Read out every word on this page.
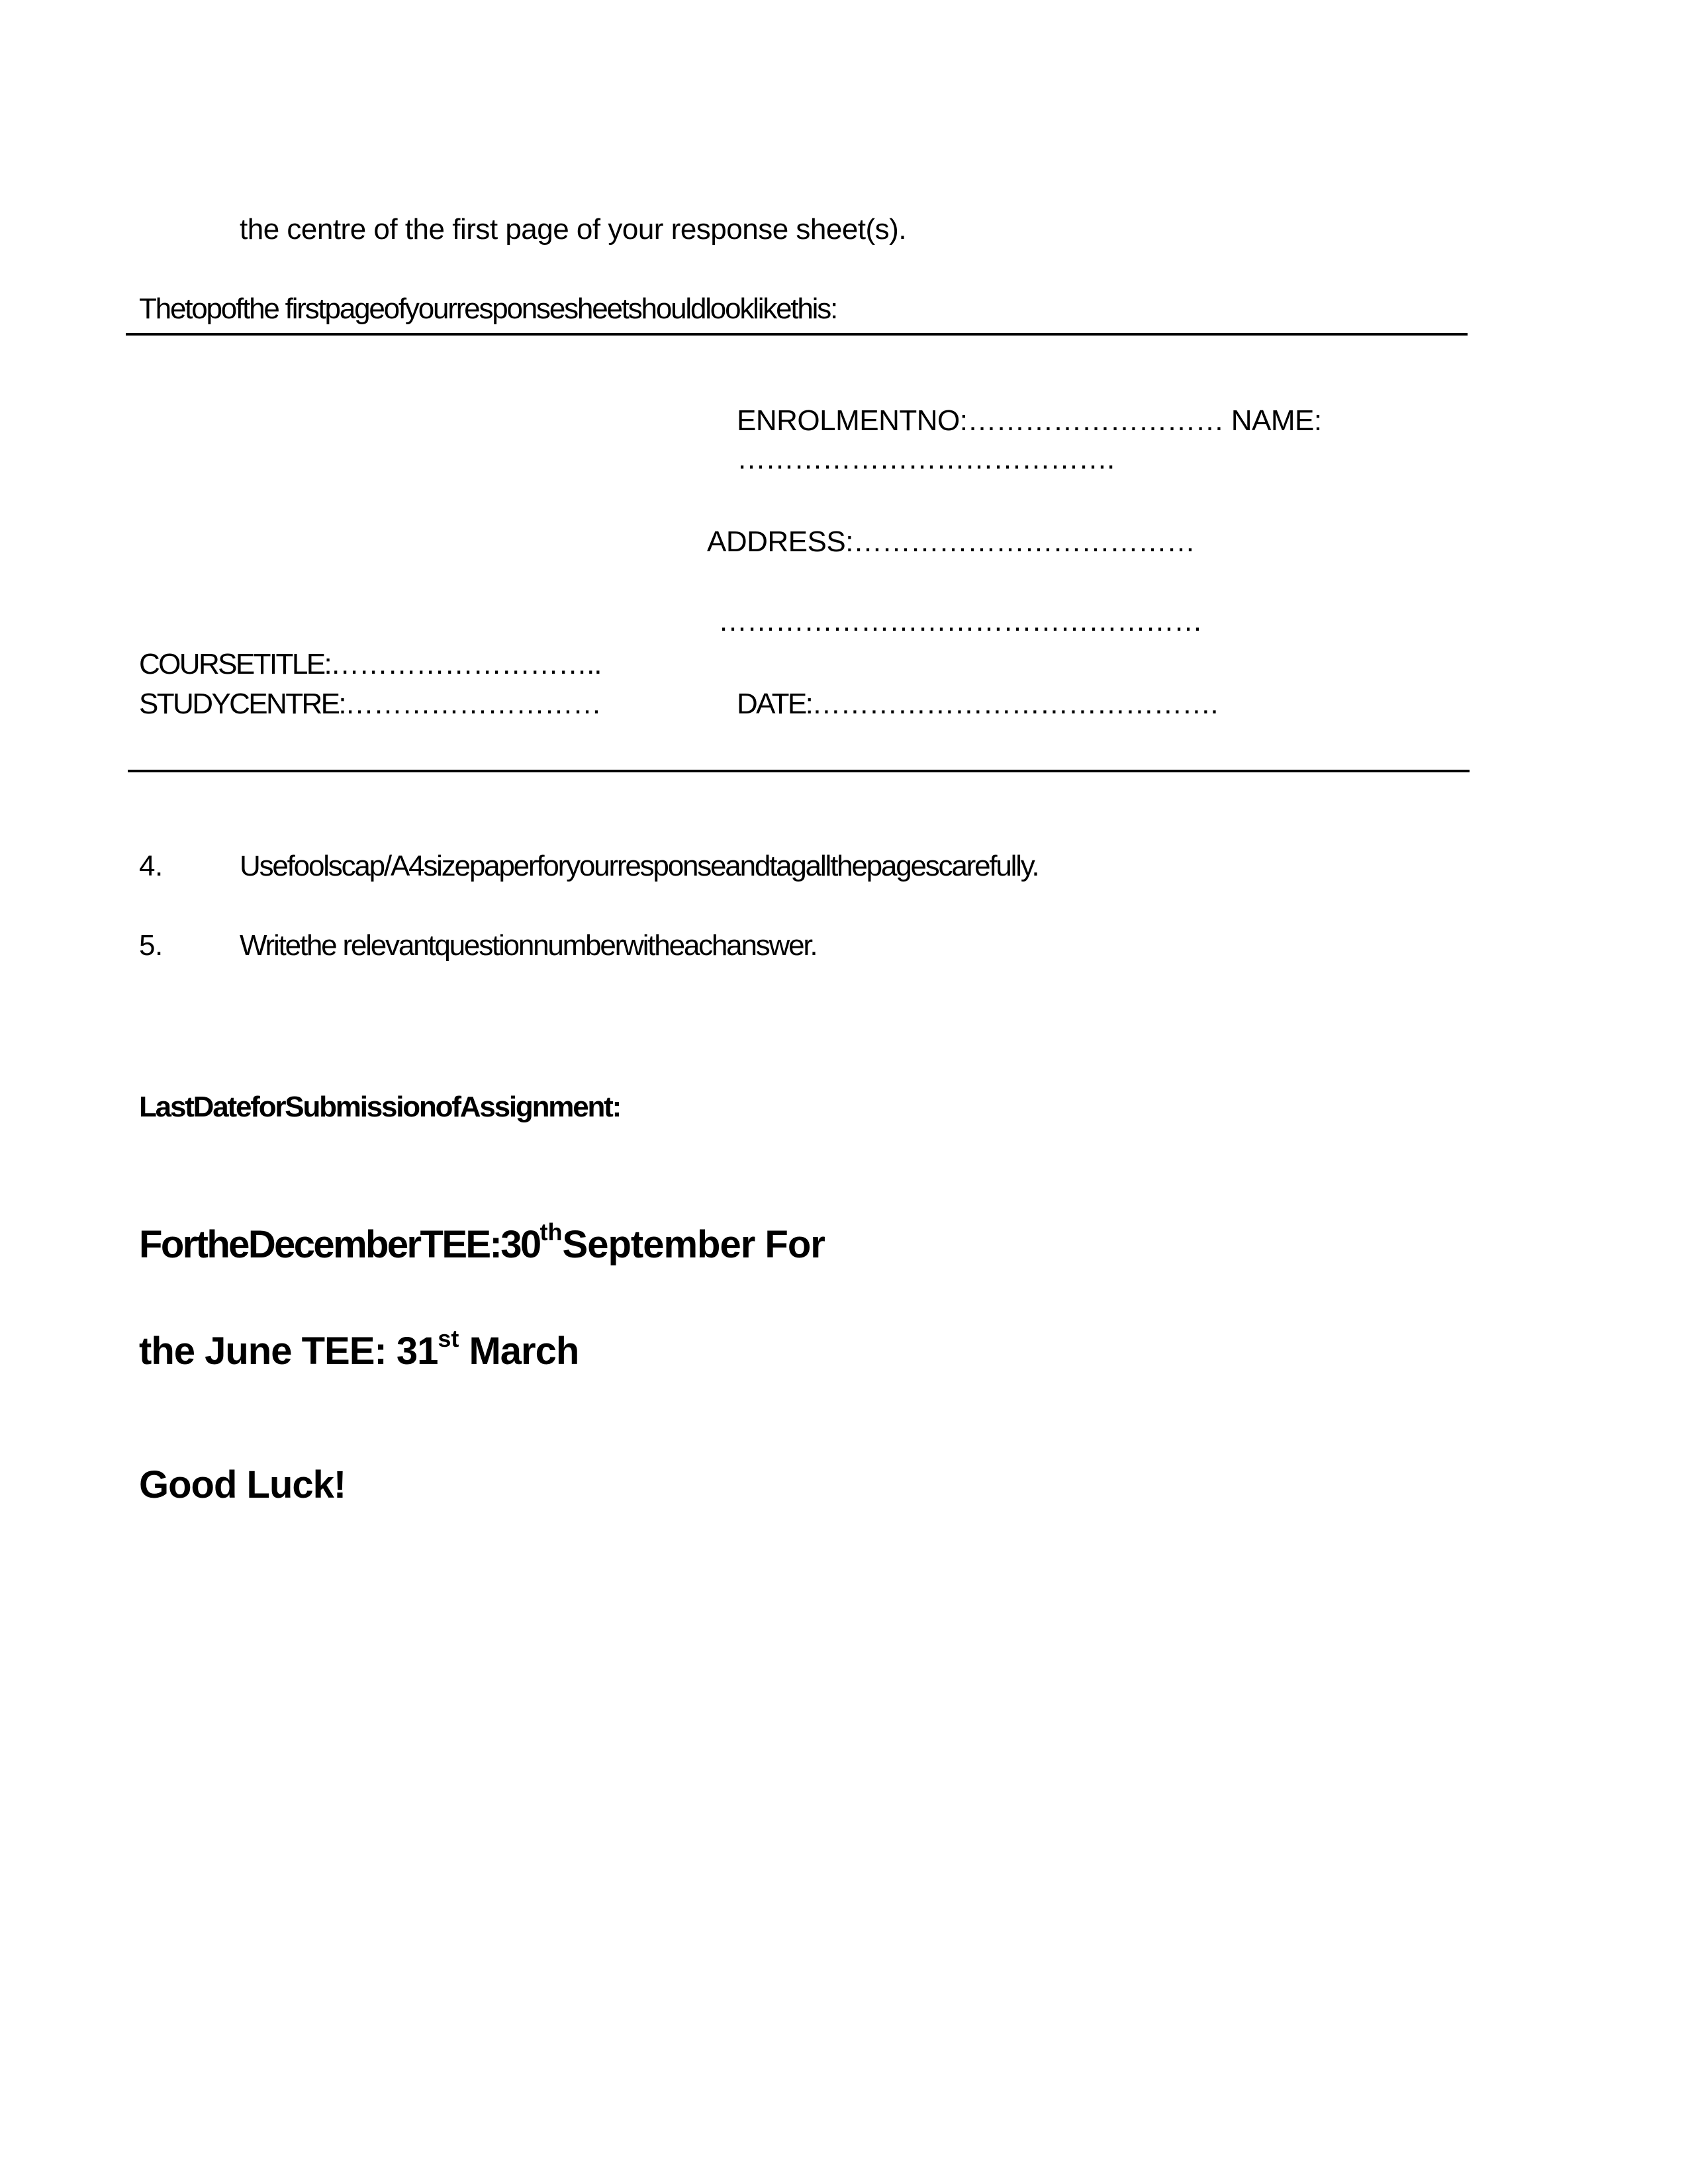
the centre of the first page of your response sheet(s).
Thetopofthe firstpageofyourresponsesheetshouldlooklikethis:
ENROLMENTNO:……………………… NAME:
………………………………….
ADDRESS:………………………………
……………………………………………
COURSETITLE:………………………..
STUDYCENTRE:………………………	DATE:…………………………………….
4.	Usefoolscap/A4sizepaperforyourresponseandtagallthepagescarefully.
5.	Writethe relevantquestionnumberwitheachanswer.
LastDateforSubmissionofAssignment:
FortheDecemberTEE:30thSeptember For
the June TEE: 31st March
Good Luck!
